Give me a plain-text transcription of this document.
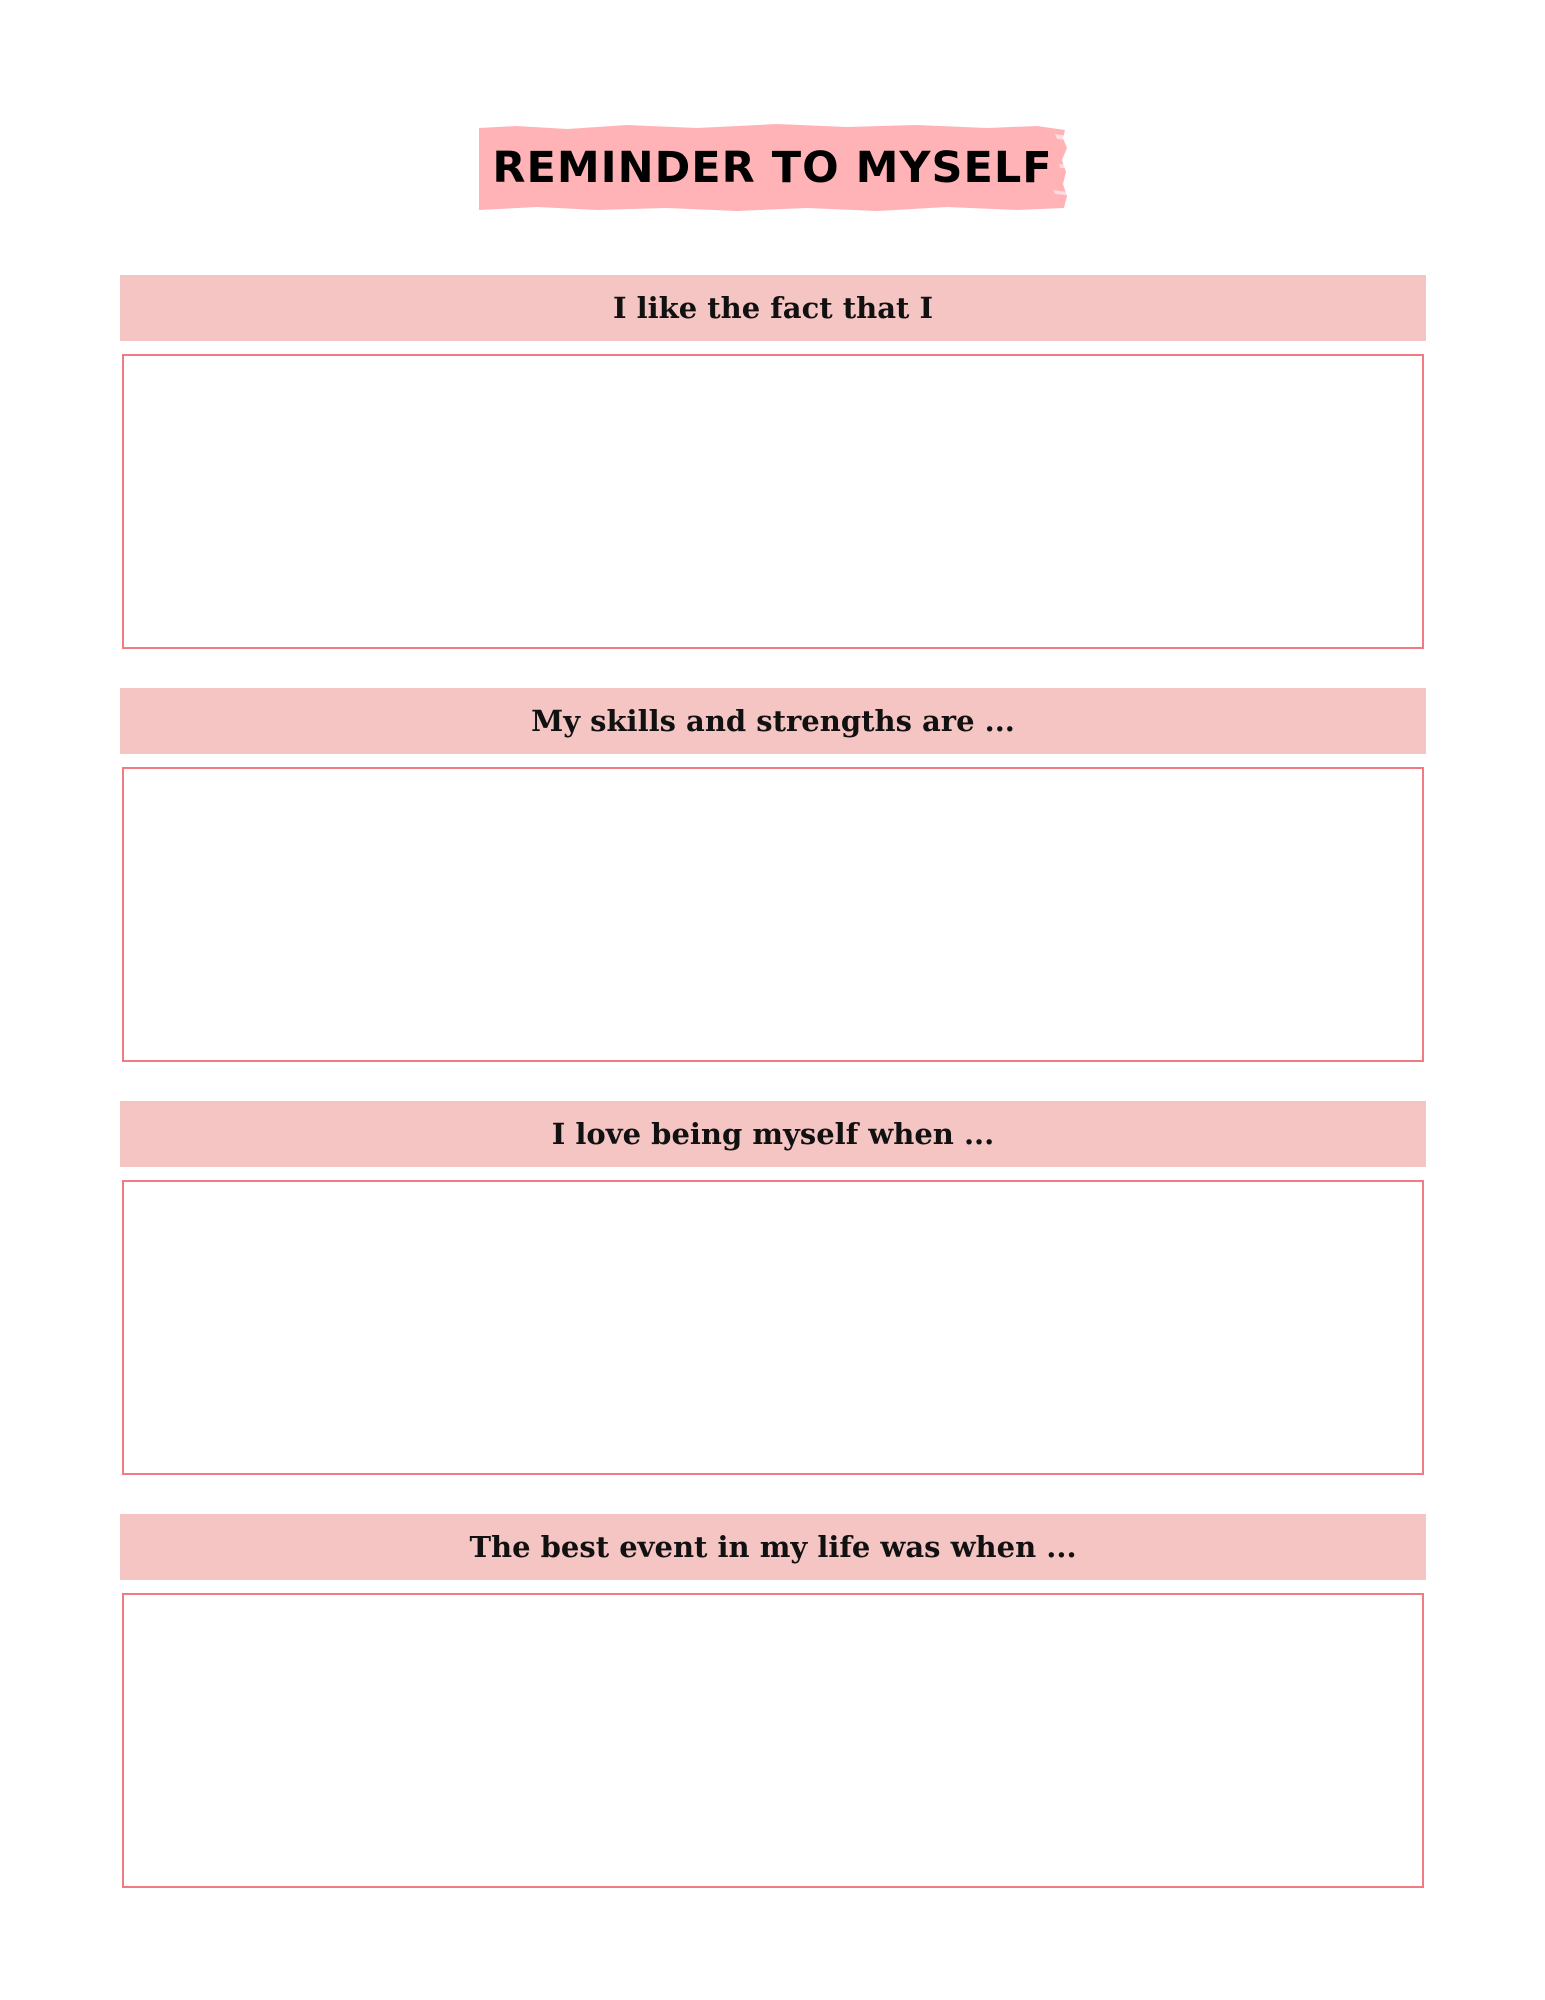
REMINDER TO MYSELF
I like the fact that I
My skills and strengths are ...
I love being myself when ...
The best event in my life was when ...
